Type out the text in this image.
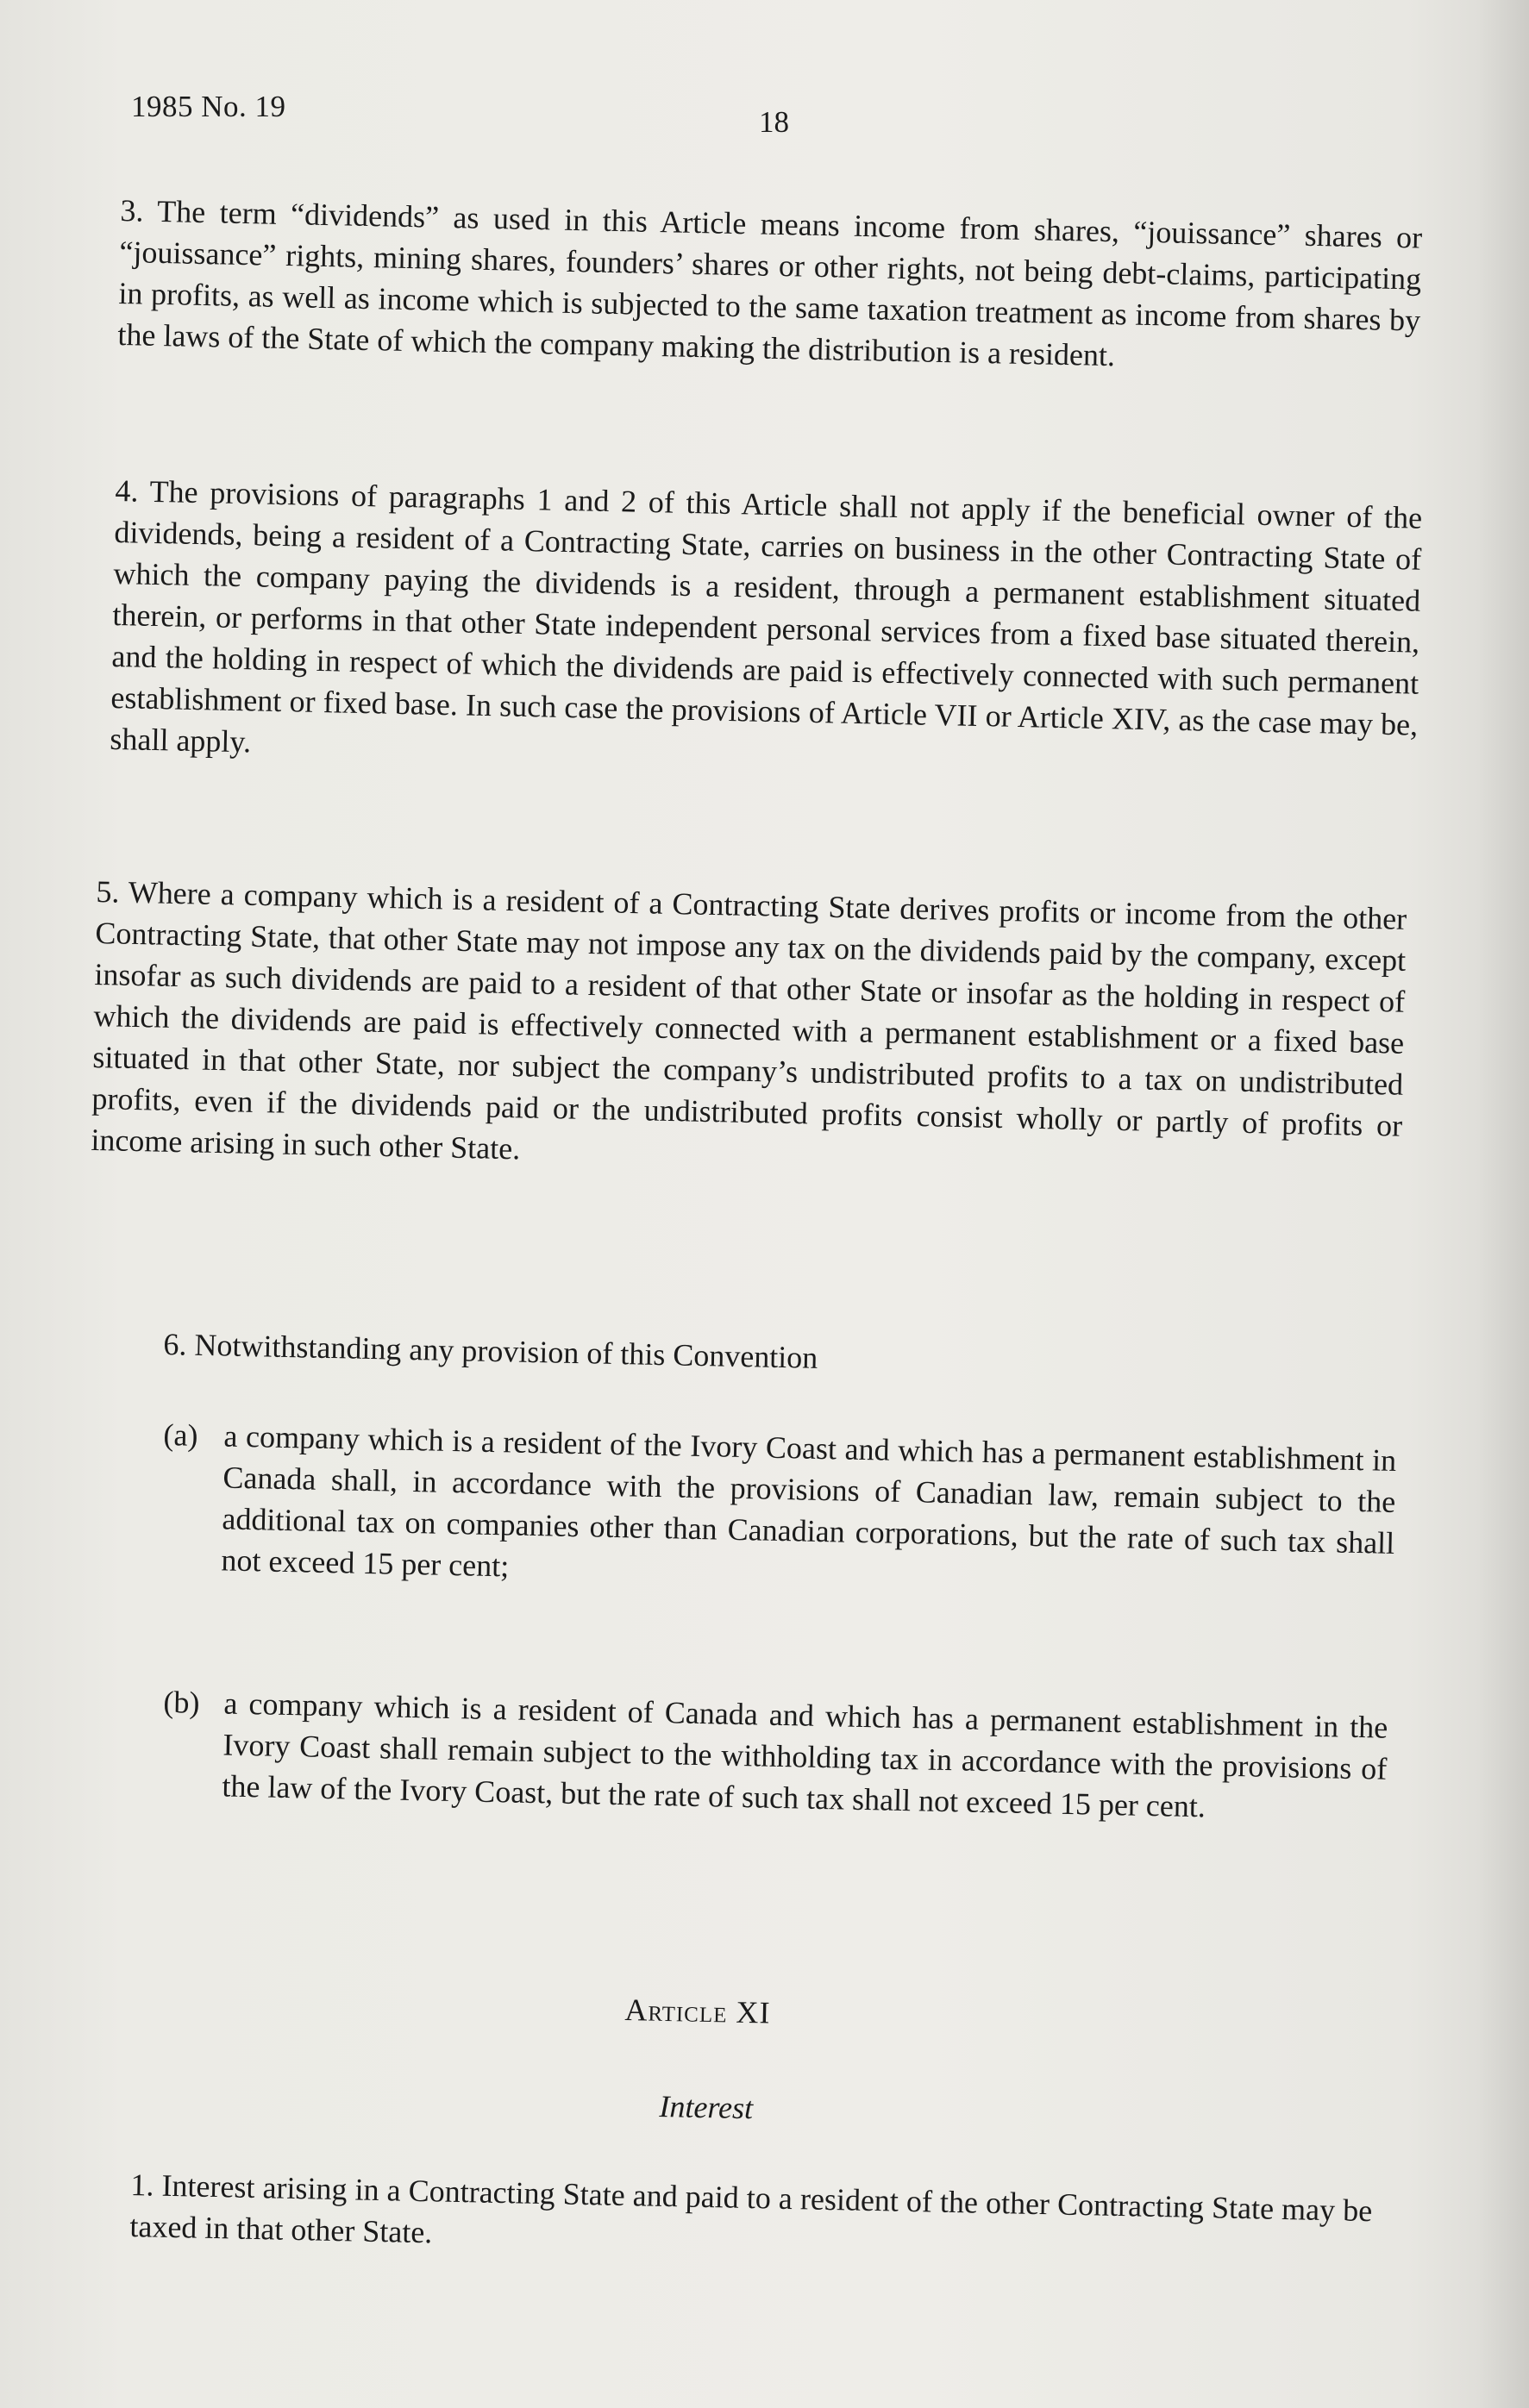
1985 No. 19	18
3. The term “dividends” as used in this Article means income from shares, “jouissance” shares or “jouissance” rights, mining shares, founders’ shares or other rights, not being debt-claims, participating in profits, as well as income which is subjected to the same taxation treatment as income from shares by the laws of the State of which the company making the distribution is a resident.
4. The provisions of paragraphs 1 and 2 of this Article shall not apply if the beneficial owner of the dividends, being a resident of a Contracting State, carries on business in the other Contracting State of which the company paying the dividends is a resident, through a permanent establishment situated therein, or performs in that other State independent personal services from a fixed base situated therein, and the holding in respect of which the dividends are paid is effectively connected with such permanent establishment or fixed base. In such case the provisions of Article VII or Article XIV, as the case may be, shall apply.
5. Where a company which is a resident of a Contracting State derives profits or income from the other Contracting State, that other State may not impose any tax on the dividends paid by the company, except insofar as such dividends are paid to a resident of that other State or insofar as the holding in respect of which the dividends are paid is effectively connected with a permanent establishment or a fixed base situated in that other State, nor subject the company’s undistributed profits to a tax on undistributed profits, even if the dividends paid or the undistributed profits consist wholly or partly of profits or income arising in such other State.
6. Notwithstanding any provision of this Convention
(a) a company which is a resident of the Ivory Coast and which has a permanent establishment in Canada shall, in accordance with the provisions of Canadian law, remain subject to the additional tax on companies other than Canadian corporations, but the rate of such tax shall not exceed 15 per cent;
(b) a company which is a resident of Canada and which has a permanent establishment in the Ivory Coast shall remain subject to the withholding tax in accordance with the provisions of the law of the Ivory Coast, but the rate of such tax shall not exceed 15 per cent.
Article XI
Interest
1. Interest arising in a Contracting State and paid to a resident of the other Contracting State may be taxed in that other State.
